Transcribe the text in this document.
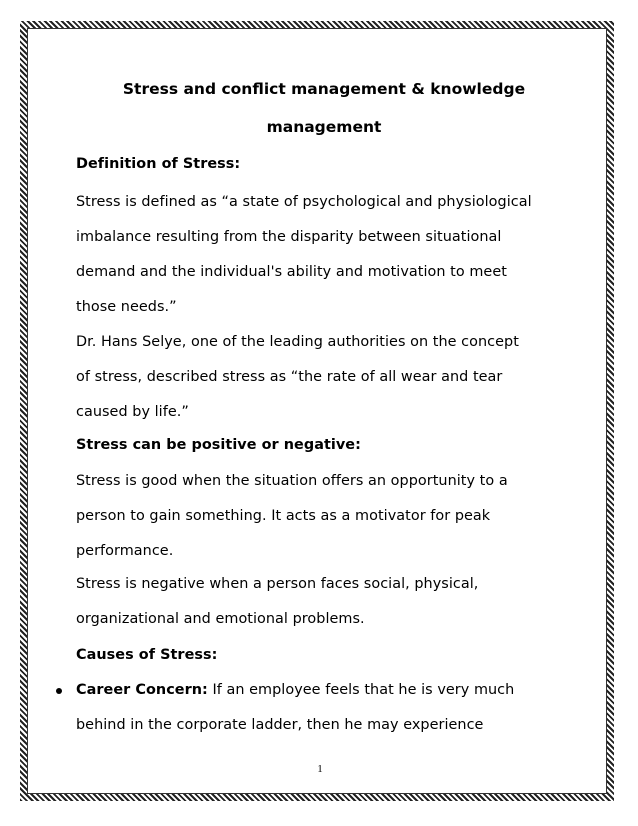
Stress and conflict management & knowledge
management
Definition of Stress:
Stress is defined as “a state of psychological and physiological
imbalance resulting from the disparity between situational
demand and the individual's ability and motivation to meet
those needs.”
Dr. Hans Selye, one of the leading authorities on the concept
of stress, described stress as “the rate of all wear and tear
caused by life.”
Stress can be positive or negative:
Stress is good when the situation offers an opportunity to a
person to gain something. It acts as a motivator for peak
performance.
Stress is negative when a person faces social, physical,
organizational and emotional problems.
Causes of Stress:
Career Concern: If an employee feels that he is very much
behind in the corporate ladder, then he may experience
1
